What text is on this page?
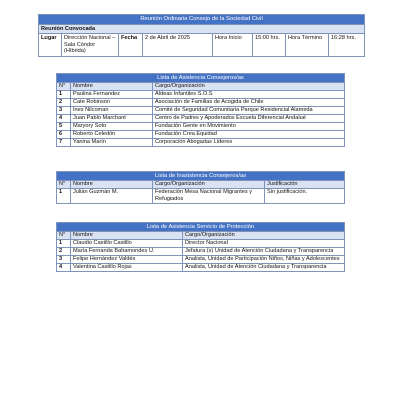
Reunión Ordinaria Consejo de la Sociedad Civil
Reunión Convocada
Lugar	Dirección Nacional – Sala Cóndor (Híbrida)	Fecha	2 de Abril de 2025	Hora Inicio	15:00 hrs.	Hora Término	16:28 hrs.
Lista de Asistencia Consejeros/as		
N°	Nombre	Cargo/Organización
1	Paulina Fernandez	Aldeas Infantiles S.O.S
2	Cate Robinson	Asociación de Familias de Acogida de Chile
3	Ines Nilcoman	Comité de Seguridad Comunitaria Parque Residencial Alameda
4	Juan Pablo Marchant	Centro de Padres y Apoderados Escuela Diferencial Andalué
5	Maryory Soto	Fundación Gente en Movimiento
6	Roberto Celedón	Fundación Crea Equidad
7	Yanina Marín	Corporación Abogadas Líderes
Lista de Inasistencia Consejeros/as			
N°	Nombre	Cargo/Organización	Justificación
1	Julián Guzmán M.	Federación Mesa Nacional Migrantes y Refugiados	Sin justificación.
Lista de Asistencia Servicio de Protección		
N°	Nombre	Cargo/Organización
1	Claudio Castillo Castillo	Director Nacional
2	María Fernanda Bahamondes U.	Jefatura (s) Unidad de Atención Ciudadana y Transparencia
3	Felipe Hernández Valdés	Analista, Unidad de Participación Niños, Niñas y Adolescentes
4	Valentina Castillo Rojas	Analista, Unidad de Atención Ciudadana y Transparencia
